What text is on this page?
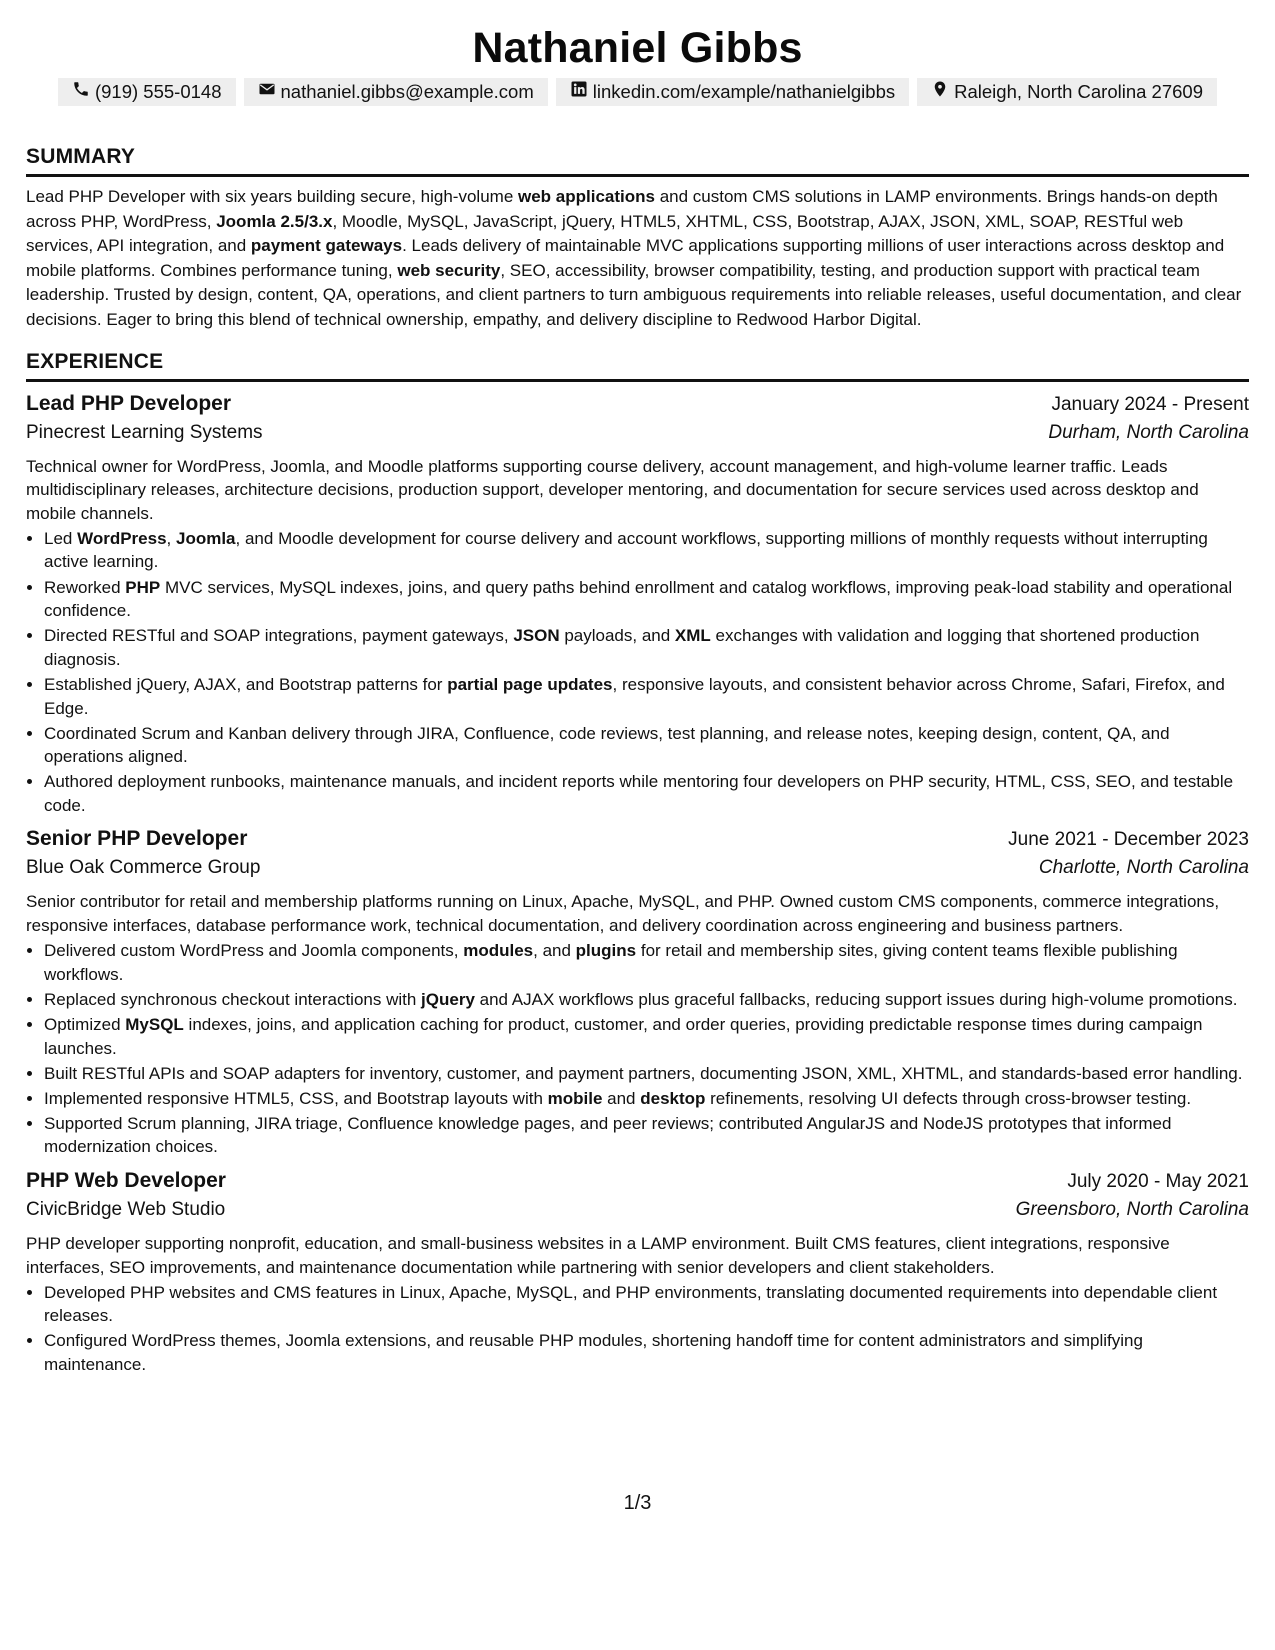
Nathaniel Gibbs
(919) 555-0148	nathaniel.gibbs@example.com	linkedin.com/example/nathanielgibbs	Raleigh, North Carolina 27609
SUMMARY
Lead PHP Developer with six years building secure, high-volume web applications and custom CMS solutions in LAMP environments. Brings hands-on depth across PHP, WordPress, Joomla 2.5/3.x, Moodle, MySQL, JavaScript, jQuery, HTML5, XHTML, CSS, Bootstrap, AJAX, JSON, XML, SOAP, RESTful web services, API integration, and payment gateways. Leads delivery of maintainable MVC applications supporting millions of user interactions across desktop and mobile platforms. Combines performance tuning, web security, SEO, accessibility, browser compatibility, testing, and production support with practical team leadership. Trusted by design, content, QA, operations, and client partners to turn ambiguous requirements into reliable releases, useful documentation, and clear decisions. Eager to bring this blend of technical ownership, empathy, and delivery discipline to Redwood Harbor Digital.
EXPERIENCE
Lead PHP Developer	January 2024 - Present
Pinecrest Learning Systems	Durham, North Carolina
Technical owner for WordPress, Joomla, and Moodle platforms supporting course delivery, account management, and high-volume learner traffic. Leads multidisciplinary releases, architecture decisions, production support, developer mentoring, and documentation for secure services used across desktop and mobile channels.
• Led WordPress, Joomla, and Moodle development for course delivery and account workflows, supporting millions of monthly requests without interrupting active learning.
• Reworked PHP MVC services, MySQL indexes, joins, and query paths behind enrollment and catalog workflows, improving peak-load stability and operational confidence.
• Directed RESTful and SOAP integrations, payment gateways, JSON payloads, and XML exchanges with validation and logging that shortened production diagnosis.
• Established jQuery, AJAX, and Bootstrap patterns for partial page updates, responsive layouts, and consistent behavior across Chrome, Safari, Firefox, and Edge.
• Coordinated Scrum and Kanban delivery through JIRA, Confluence, code reviews, test planning, and release notes, keeping design, content, QA, and operations aligned.
• Authored deployment runbooks, maintenance manuals, and incident reports while mentoring four developers on PHP security, HTML, CSS, SEO, and testable code.
Senior PHP Developer	June 2021 - December 2023
Blue Oak Commerce Group	Charlotte, North Carolina
Senior contributor for retail and membership platforms running on Linux, Apache, MySQL, and PHP. Owned custom CMS components, commerce integrations, responsive interfaces, database performance work, technical documentation, and delivery coordination across engineering and business partners.
• Delivered custom WordPress and Joomla components, modules, and plugins for retail and membership sites, giving content teams flexible publishing workflows.
• Replaced synchronous checkout interactions with jQuery and AJAX workflows plus graceful fallbacks, reducing support issues during high-volume promotions.
• Optimized MySQL indexes, joins, and application caching for product, customer, and order queries, providing predictable response times during campaign launches.
• Built RESTful APIs and SOAP adapters for inventory, customer, and payment partners, documenting JSON, XML, XHTML, and standards-based error handling.
• Implemented responsive HTML5, CSS, and Bootstrap layouts with mobile and desktop refinements, resolving UI defects through cross-browser testing.
• Supported Scrum planning, JIRA triage, Confluence knowledge pages, and peer reviews; contributed AngularJS and NodeJS prototypes that informed modernization choices.
PHP Web Developer	July 2020 - May 2021
CivicBridge Web Studio	Greensboro, North Carolina
PHP developer supporting nonprofit, education, and small-business websites in a LAMP environment. Built CMS features, client integrations, responsive interfaces, SEO improvements, and maintenance documentation while partnering with senior developers and client stakeholders.
• Developed PHP websites and CMS features in Linux, Apache, MySQL, and PHP environments, translating documented requirements into dependable client releases.
• Configured WordPress themes, Joomla extensions, and reusable PHP modules, shortening handoff time for content administrators and simplifying maintenance.
1/3
